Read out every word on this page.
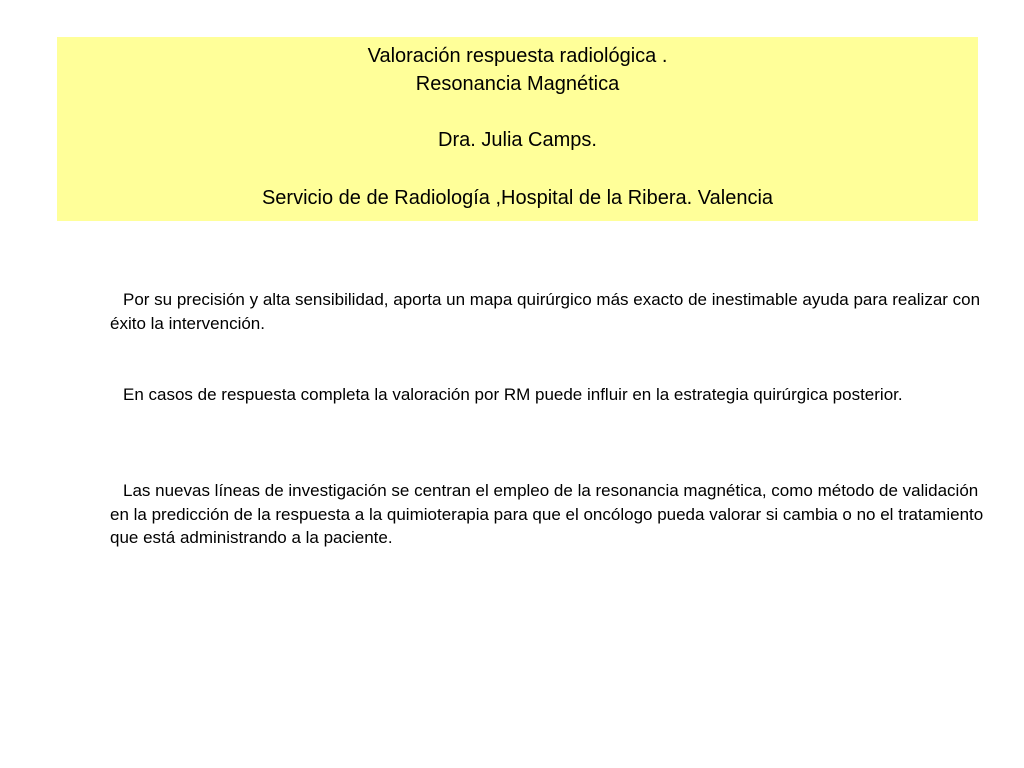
Valoración respuesta radiológica .
Resonancia Magnética
Dra. Julia Camps.
Servicio de de Radiología ,Hospital de la Ribera. Valencia
Por su precisión y alta sensibilidad, aporta un mapa quirúrgico más exacto de inestimable ayuda para realizar con éxito la intervención.
En casos de respuesta completa la valoración por RM puede influir en la estrategia quirúrgica posterior.
Las nuevas líneas de investigación se centran el empleo de la resonancia magnética, como método de validación en la predicción de la respuesta a la quimioterapia para que el oncólogo pueda valorar si cambia o no el tratamiento que está administrando a la paciente.
